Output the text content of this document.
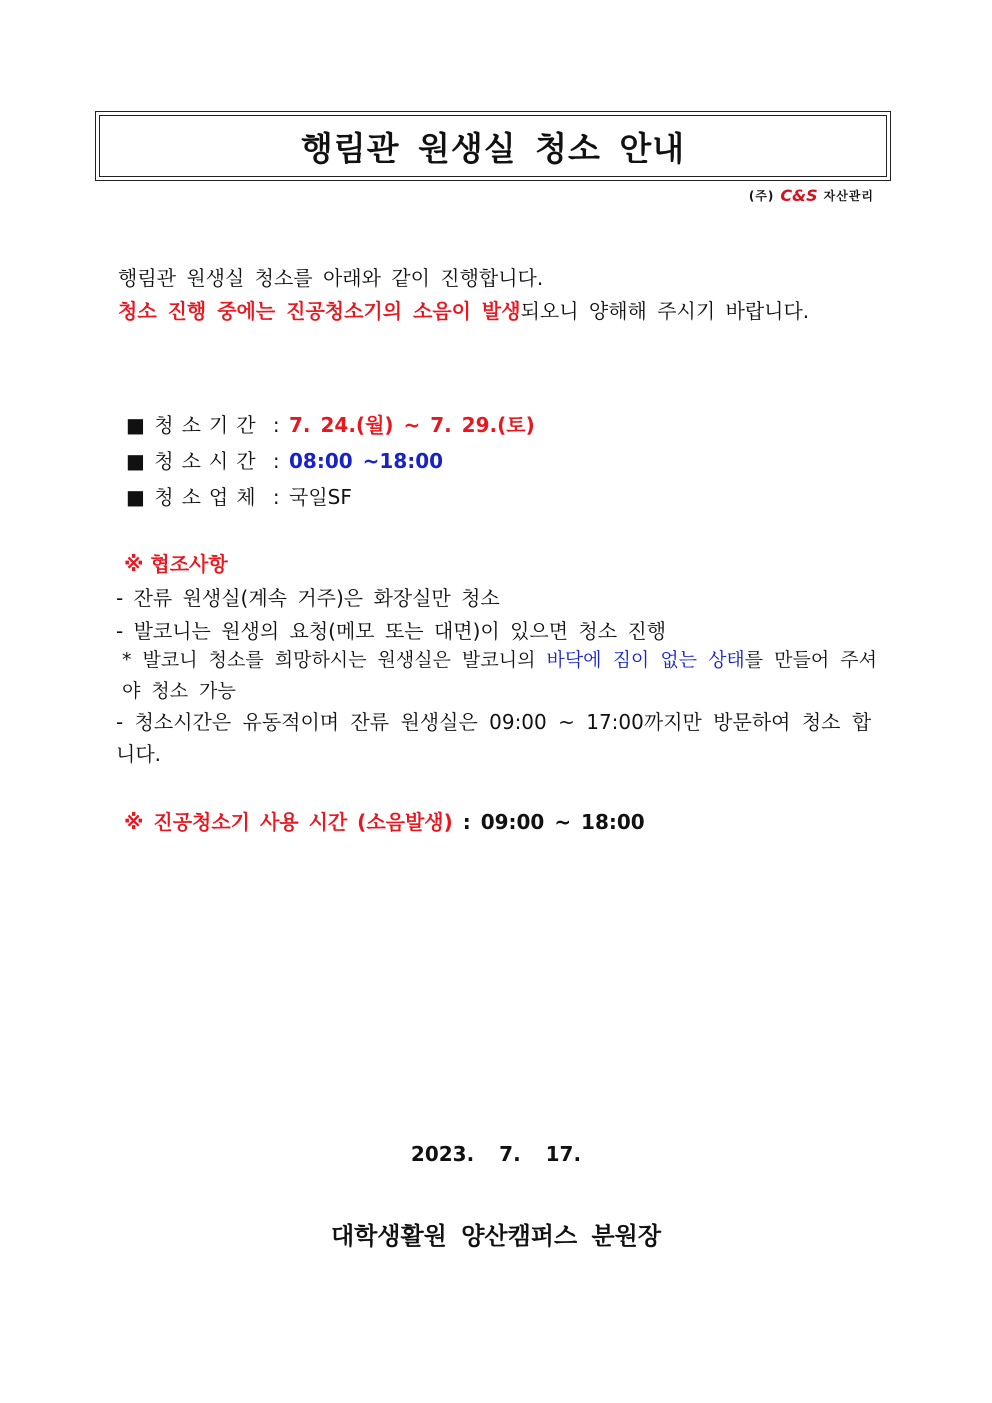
행림관 원생실 청소 안내
(주) C&S 자산관리
행림관 원생실 청소를 아래와 같이 진행합니다.
청소 진행 중에는 진공청소기의 소음이 발생되오니 양해해 주시기 바랍니다.
■ 청소기간 : 7. 24.(월) ~ 7. 29.(토)
■ 청소시간 : 08:00 ~18:00
■ 청소업체 : 국일SF
※ 협조사항
- 잔류 원생실(계속 거주)은 화장실만 청소
- 발코니는 원생의 요청(메모 또는 대면)이 있으면 청소 진행
* 발코니 청소를 희망하시는 원생실은 발코니의 바닥에 짐이 없는 상태를 만들어 주셔야 청소 가능
- 청소시간은 유동적이며 잔류 원생실은 09:00 ~ 17:00까지만 방문하여 청소 합니다.
※ 진공청소기 사용 시간 (소음발생) : 09:00 ~ 18:00
2023. 7. 17.
대학생활원 양산캠퍼스 분원장
